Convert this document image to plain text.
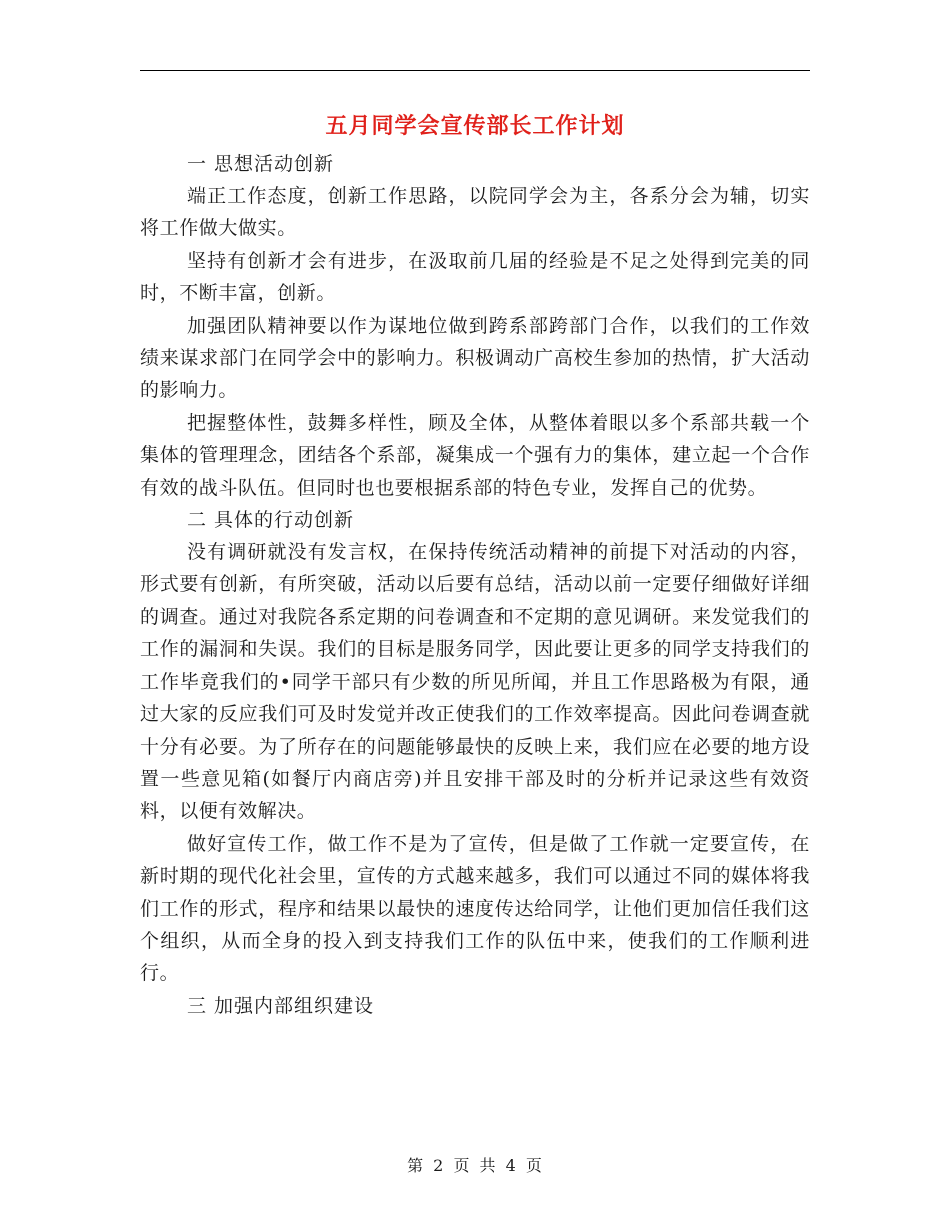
五月同学会宣传部长工作计划

一 思想活动创新

端正工作态度，创新工作思路，以院同学会为主，各系分会为辅，切实将工作做大做实。

坚持有创新才会有进步，在汲取前几届的经验是不足之处得到完美的同时，不断丰富，创新。

加强团队精神要以作为谋地位做到跨系部跨部门合作，以我们的工作效绩来谋求部门在同学会中的影响力。积极调动广高校生参加的热情，扩大活动的影响力。

把握整体性，鼓舞多样性，顾及全体，从整体着眼以多个系部共载一个集体的管理理念，团结各个系部，凝集成一个强有力的集体，建立起一个合作有效的战斗队伍。但同时也也要根据系部的特色专业，发挥自己的优势。

二 具体的行动创新

没有调研就没有发言权，在保持传统活动精神的前提下对活动的内容，形式要有创新，有所突破，活动以后要有总结，活动以前一定要仔细做好详细的调查。通过对我院各系定期的问卷调查和不定期的意见调研。来发觉我们的工作的漏洞和失误。我们的目标是服务同学，因此要让更多的同学支持我们的工作毕竟我们的•同学干部只有少数的所见所闻，并且工作思路极为有限，通过大家的反应我们可及时发觉并改正使我们的工作效率提高。因此问卷调查就十分有必要。为了所存在的问题能够最快的反映上来，我们应在必要的地方设置一些意见箱(如餐厅内商店旁)并且安排干部及时的分析并记录这些有效资料，以便有效解决。

做好宣传工作，做工作不是为了宣传，但是做了工作就一定要宣传，在新时期的现代化社会里，宣传的方式越来越多，我们可以通过不同的媒体将我们工作的形式，程序和结果以最快的速度传达给同学，让他们更加信任我们这个组织，从而全身的投入到支持我们工作的队伍中来，使我们的工作顺利进行。

三 加强内部组织建设

第 2 页 共 4 页
